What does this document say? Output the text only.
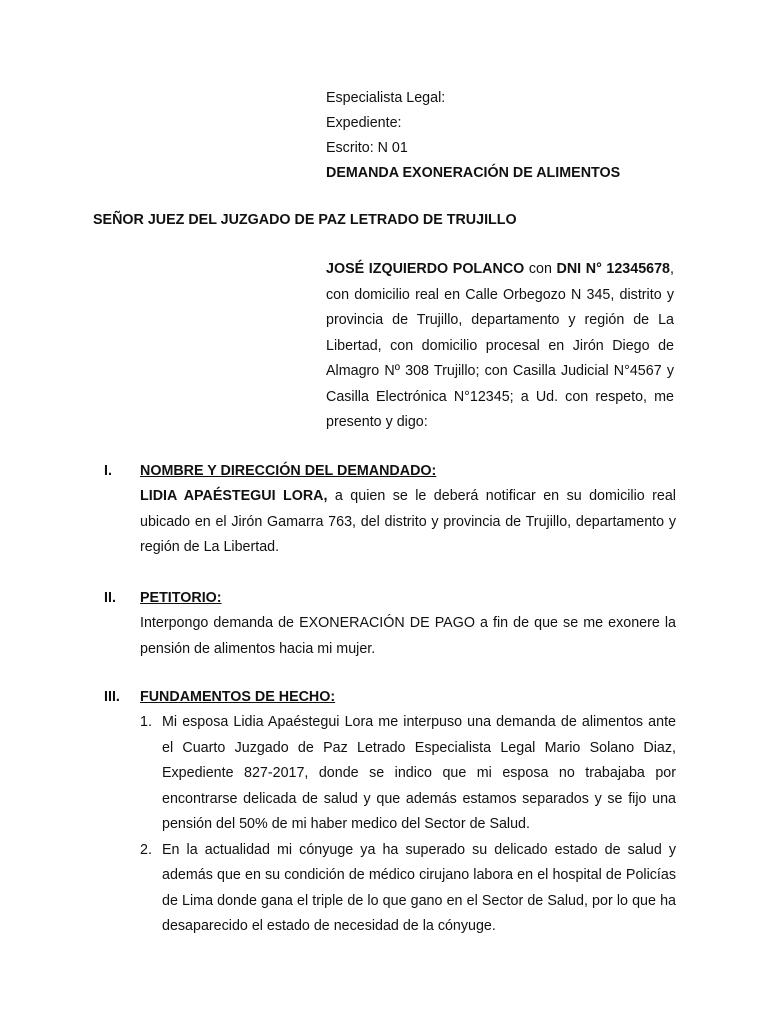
Especialista Legal:
Expediente:
Escrito: N 01
DEMANDA EXONERACIÓN DE ALIMENTOS
SEÑOR JUEZ DEL JUZGADO DE PAZ LETRADO DE TRUJILLO
JOSÉ IZQUIERDO POLANCO con DNI N° 12345678, con domicilio real en Calle Orbegozo N 345, distrito y provincia de Trujillo, departamento y región de La Libertad, con domicilio procesal en Jirón Diego de Almagro Nº 308 Trujillo; con Casilla Judicial N°4567 y Casilla Electrónica N°12345; a Ud. con respeto, me presento y digo:
I. NOMBRE Y DIRECCIÓN DEL DEMANDADO:
LIDIA APAÉSTEGUI LORA, a quien se le deberá notificar en su domicilio real ubicado en el Jirón Gamarra 763, del distrito y provincia de Trujillo, departamento y región de La Libertad.
II. PETITORIO:
Interpongo demanda de EXONERACIÓN DE PAGO a fin de que se me exonere la pensión de alimentos hacia mi mujer.
III. FUNDAMENTOS DE HECHO:
1. Mi esposa Lidia Apaéstegui Lora me interpuso una demanda de alimentos ante el Cuarto Juzgado de Paz Letrado Especialista Legal Mario Solano Diaz, Expediente 827-2017, donde se indico que mi esposa no trabajaba por encontrarse delicada de salud y que además estamos separados y se fijo una pensión del 50% de mi haber medico del Sector de Salud.
2. En la actualidad mi cónyuge ya ha superado su delicado estado de salud y además que en su condición de médico cirujano labora en el hospital de Policías de Lima donde gana el triple de lo que gano en el Sector de Salud, por lo que ha desaparecido el estado de necesidad de la cónyuge.
